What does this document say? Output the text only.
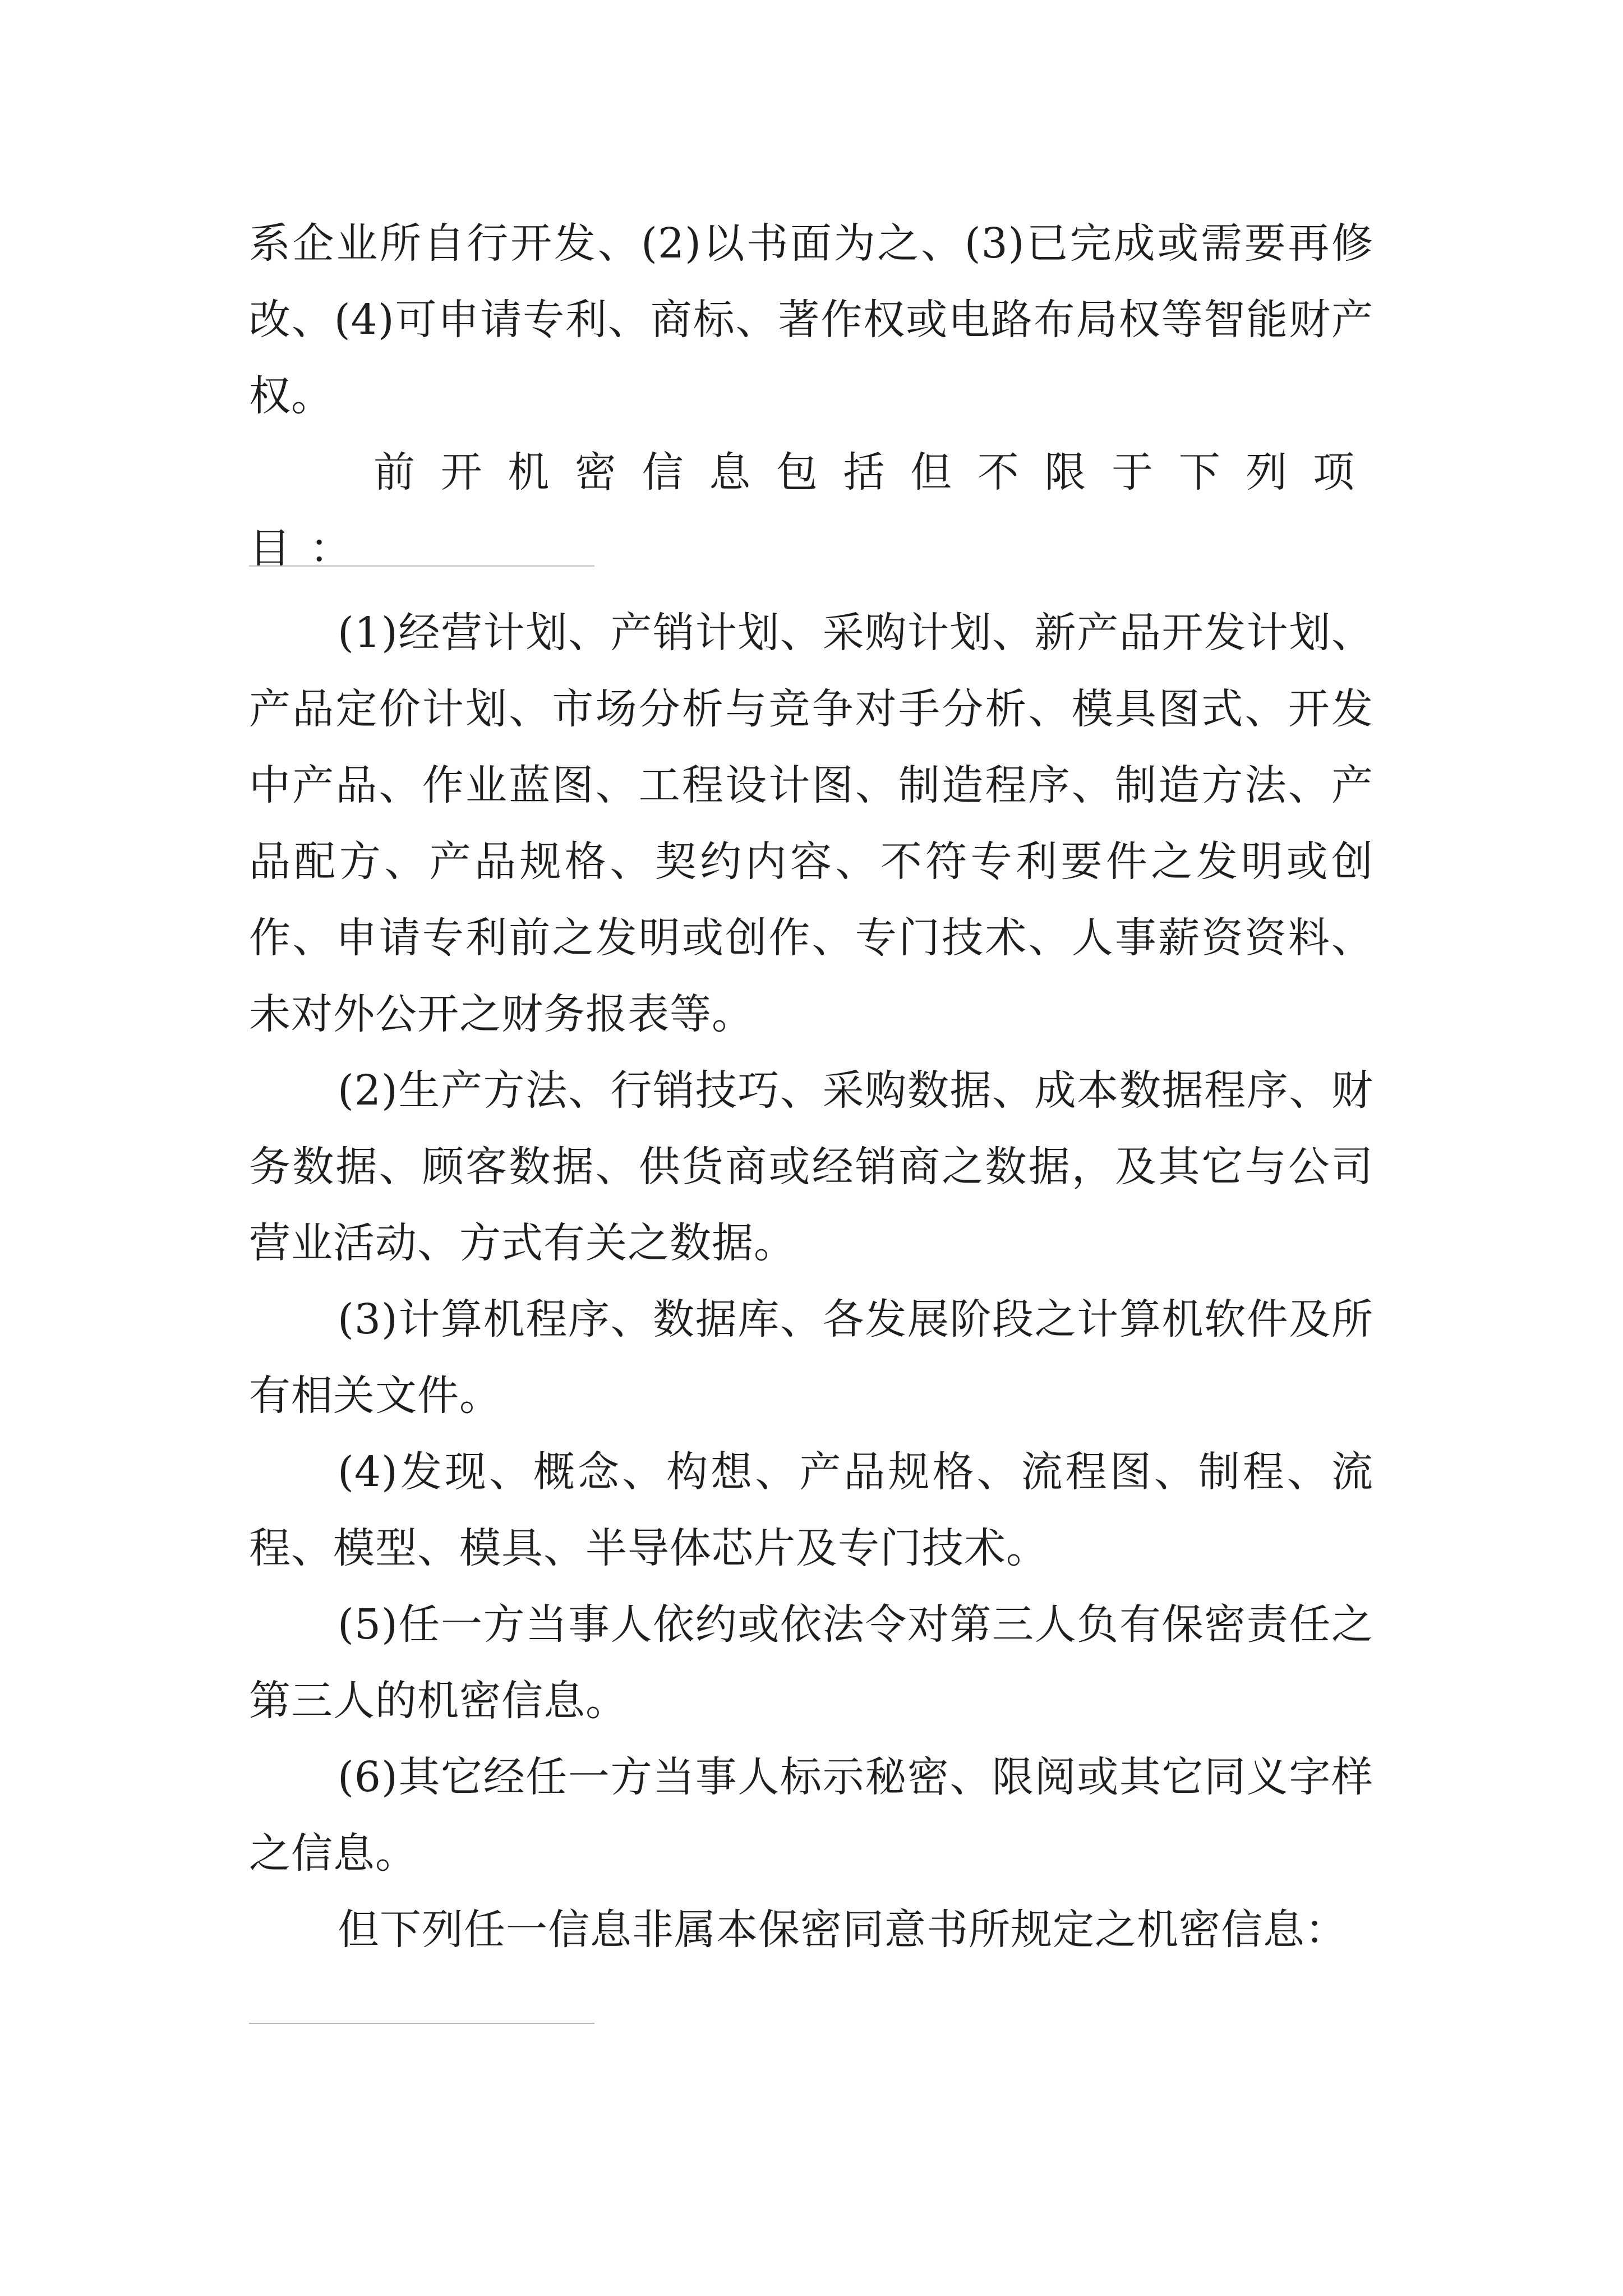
系企业所自行开发、(2)以书面为之、(3)已完成或需要再修改、(4)可申请专利、商标、著作权或电路布局权等智能财产权。

前开机密信息包括但不限于下列项目：

(1)经营计划、产销计划、采购计划、新产品开发计划、产品定价计划、市场分析与竞争对手分析、模具图式、开发中产品、作业蓝图、工程设计图、制造程序、制造方法、产品配方、产品规格、契约内容、不符专利要件之发明或创作、申请专利前之发明或创作、专门技术、人事薪资资料、未对外公开之财务报表等。

(2)生产方法、行销技巧、采购数据、成本数据程序、财务数据、顾客数据、供货商或经销商之数据，及其它与公司营业活动、方式有关之数据。

(3)计算机程序、数据库、各发展阶段之计算机软件及所有相关文件。

(4)发现、概念、构想、产品规格、流程图、制程、流程、模型、模具、半导体芯片及专门技术。

(5)任一方当事人依约或依法令对第三人负有保密责任之第三人的机密信息。

(6)其它经任一方当事人标示秘密、限阅或其它同义字样之信息。

但下列任一信息非属本保密同意书所规定之机密信息：
